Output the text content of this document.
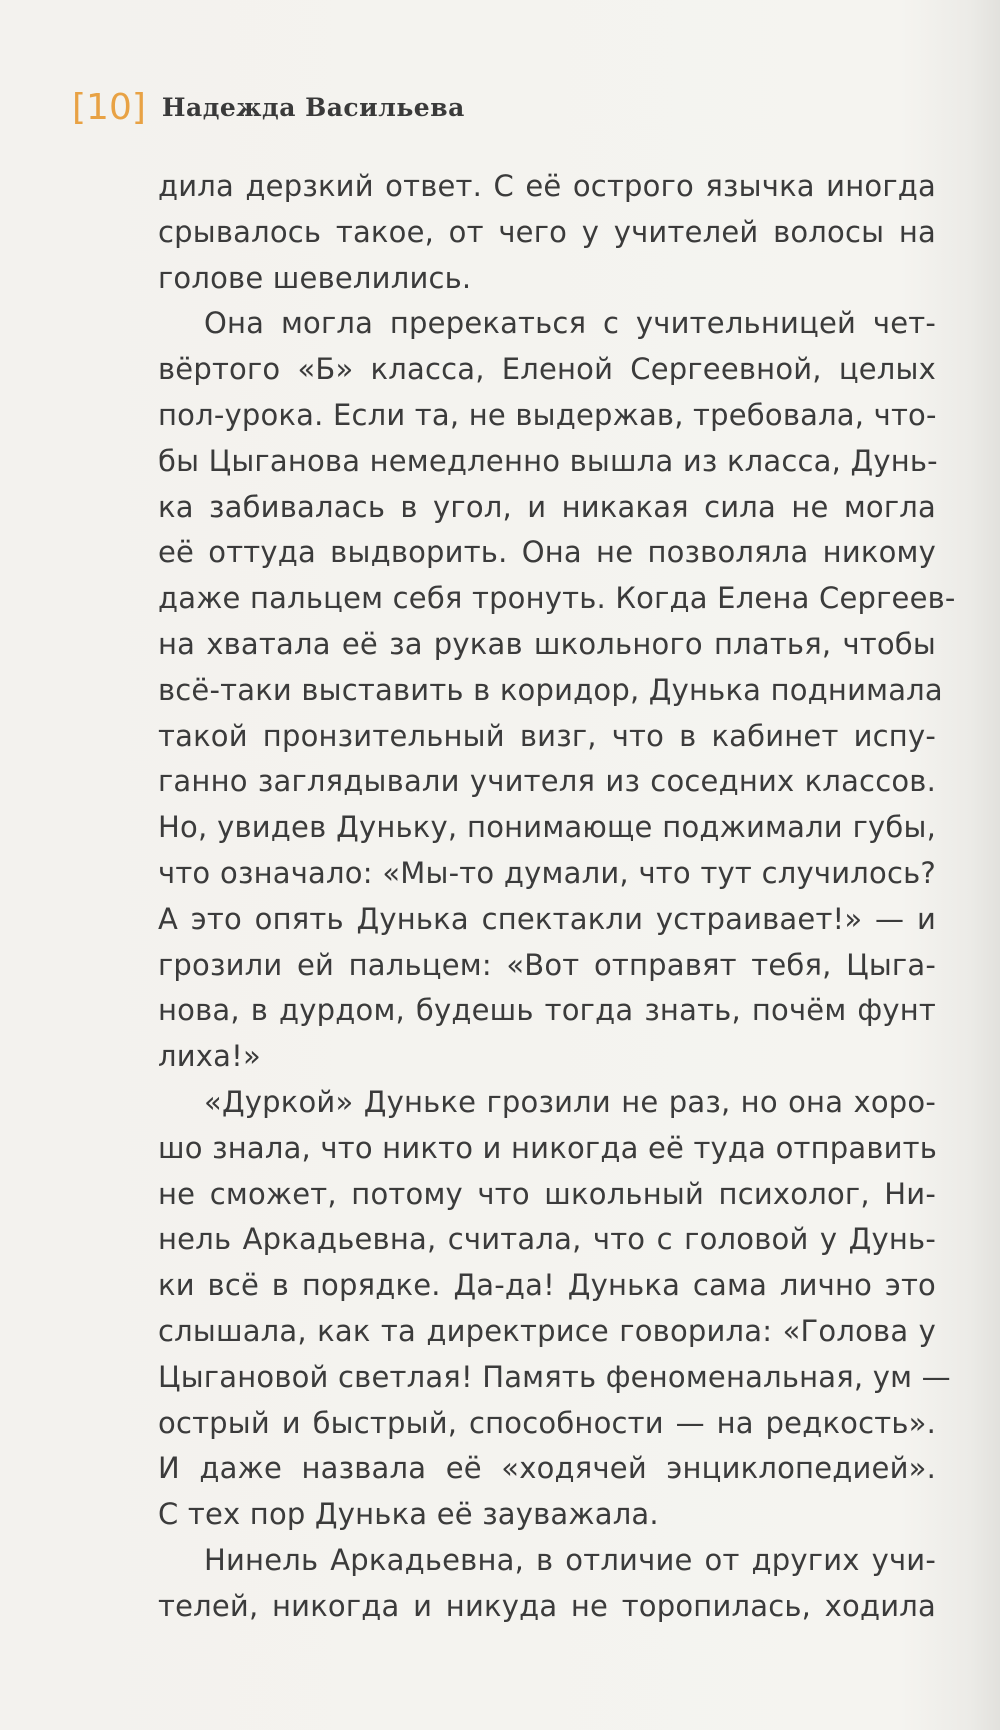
[10] Надежда Васильева
дила дерзкий ответ. С её острого язычка иногда
срывалось такое, от чего у учителей волосы на
голове шевелились.
Она могла пререкаться с учительницей чет-
вёртого «Б» класса, Еленой Сергеевной, целых
пол-урока. Если та, не выдержав, требовала, что-
бы Цыганова немедленно вышла из класса, Дунь-
ка забивалась в угол, и никакая сила не могла
её оттуда выдворить. Она не позволяла никому
даже пальцем себя тронуть. Когда Елена Сергеев-
на хватала её за рукав школьного платья, чтобы
всё-таки выставить в коридор, Дунька поднимала
такой пронзительный визг, что в кабинет испу-
ганно заглядывали учителя из соседних классов.
Но, увидев Дуньку, понимающе поджимали губы,
что означало: «Мы-то думали, что тут случилось?
А это опять Дунька спектакли устраивает!» — и
грозили ей пальцем: «Вот отправят тебя, Цыга-
нова, в дурдом, будешь тогда знать, почём фунт
лиха!»
«Дуркой» Дуньке грозили не раз, но она хоро-
шо знала, что никто и никогда её туда отправить
не сможет, потому что школьный психолог, Ни-
нель Аркадьевна, считала, что с головой у Дунь-
ки всё в порядке. Да-да! Дунька сама лично это
слышала, как та директрисе говорила: «Голова у
Цыгановой светлая! Память феноменальная, ум —
острый и быстрый, способности — на редкость».
И даже назвала её «ходячей энциклопедией».
С тех пор Дунька её зауважала.
Нинель Аркадьевна, в отличие от других учи-
телей, никогда и никуда не торопилась, ходила
